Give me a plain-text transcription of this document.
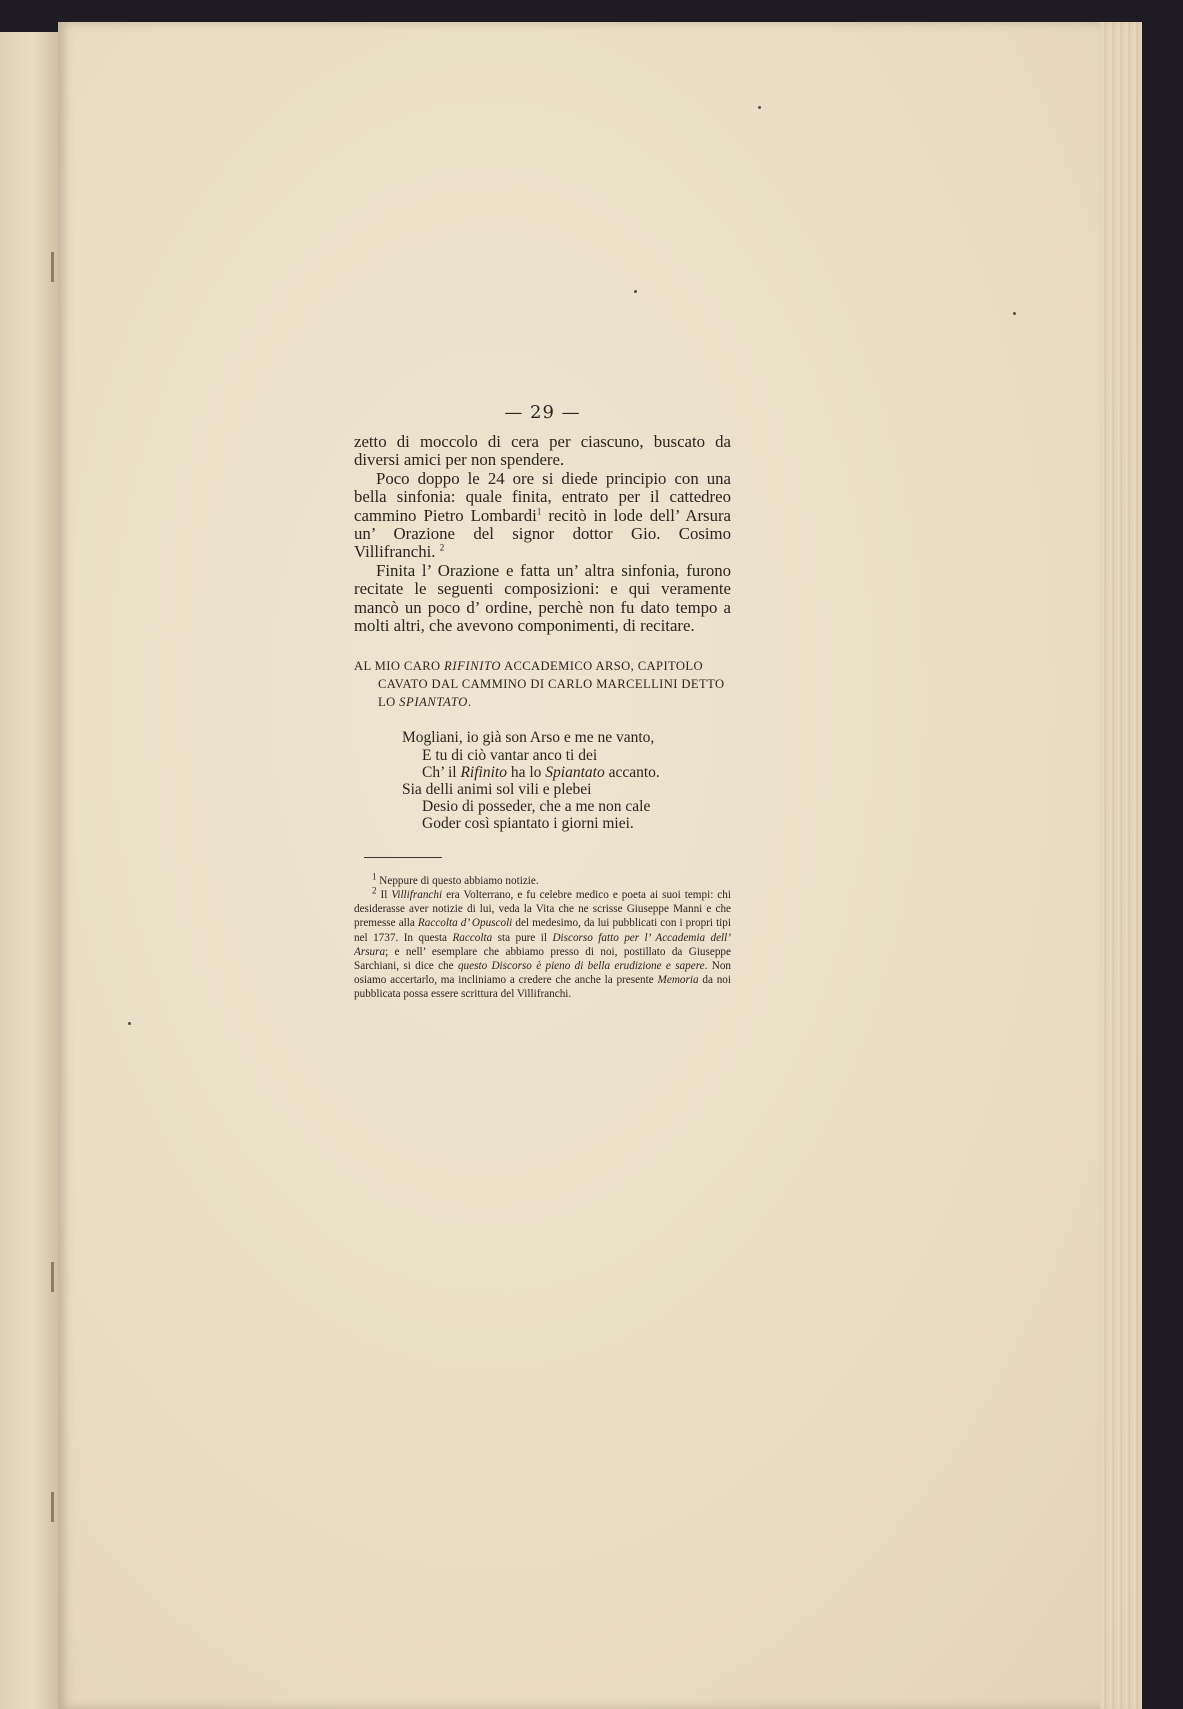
— 29 —

zetto di moccolo di cera per ciascuno, buscato da diversi amici per non spendere.

Poco doppo le 24 ore si diede principio con una bella sinfonia: quale finita, entrato per il cattedreo cammino Pietro Lombardi$^1$ recitò in lode dell’ Arsura un’ Orazione del signor dottor Gio. Cosimo Villifranchi. $^2$

Finita l’ Orazione e fatta un’ altra sinfonia, furono recitate le seguenti composizioni: e qui veramente mancò un poco d’ ordine, perchè non fu dato tempo a molti altri, che avevono componimenti, di recitare.

AL MIO CARO RIFINITO ACCADEMICO ARSO, CAPITOLO CAVATO DAL CAMMINO DI CARLO MARCELLINI DETTO LO SPIANTATO.

Mogliani, io già son Arso e me ne vanto,
E tu di ciò vantar anco ti dei
Ch’ il Rifinito ha lo Spiantato accanto.
Sia delli animi sol vili e plebei
Desio di posseder, che a me non cale
Goder così spiantato i giorni miei.

$^1$ Neppure di questo abbiamo notizie.

$^2$ Il Villifranchi era Volterrano, e fu celebre medico e poeta ai suoi tempi: chi desiderasse aver notizie di lui, veda la Vita che ne scrisse Giuseppe Manni e che premesse alla Raccolta d’ Opuscoli del medesimo, da lui pubblicati con i propri tipi nel 1737. In questa Raccolta sta pure il Discorso fatto per l’ Accademia dell’ Arsura; e nell’ esemplare che abbiamo presso di noi, postillato da Giuseppe Sarchiani, si dice che questo Discorso è pieno di bella erudizione e sapere. Non osiamo accertarlo, ma incliniamo a credere che anche la presente Memoria da noi pubblicata possa essere scrittura del Villifranchi.
